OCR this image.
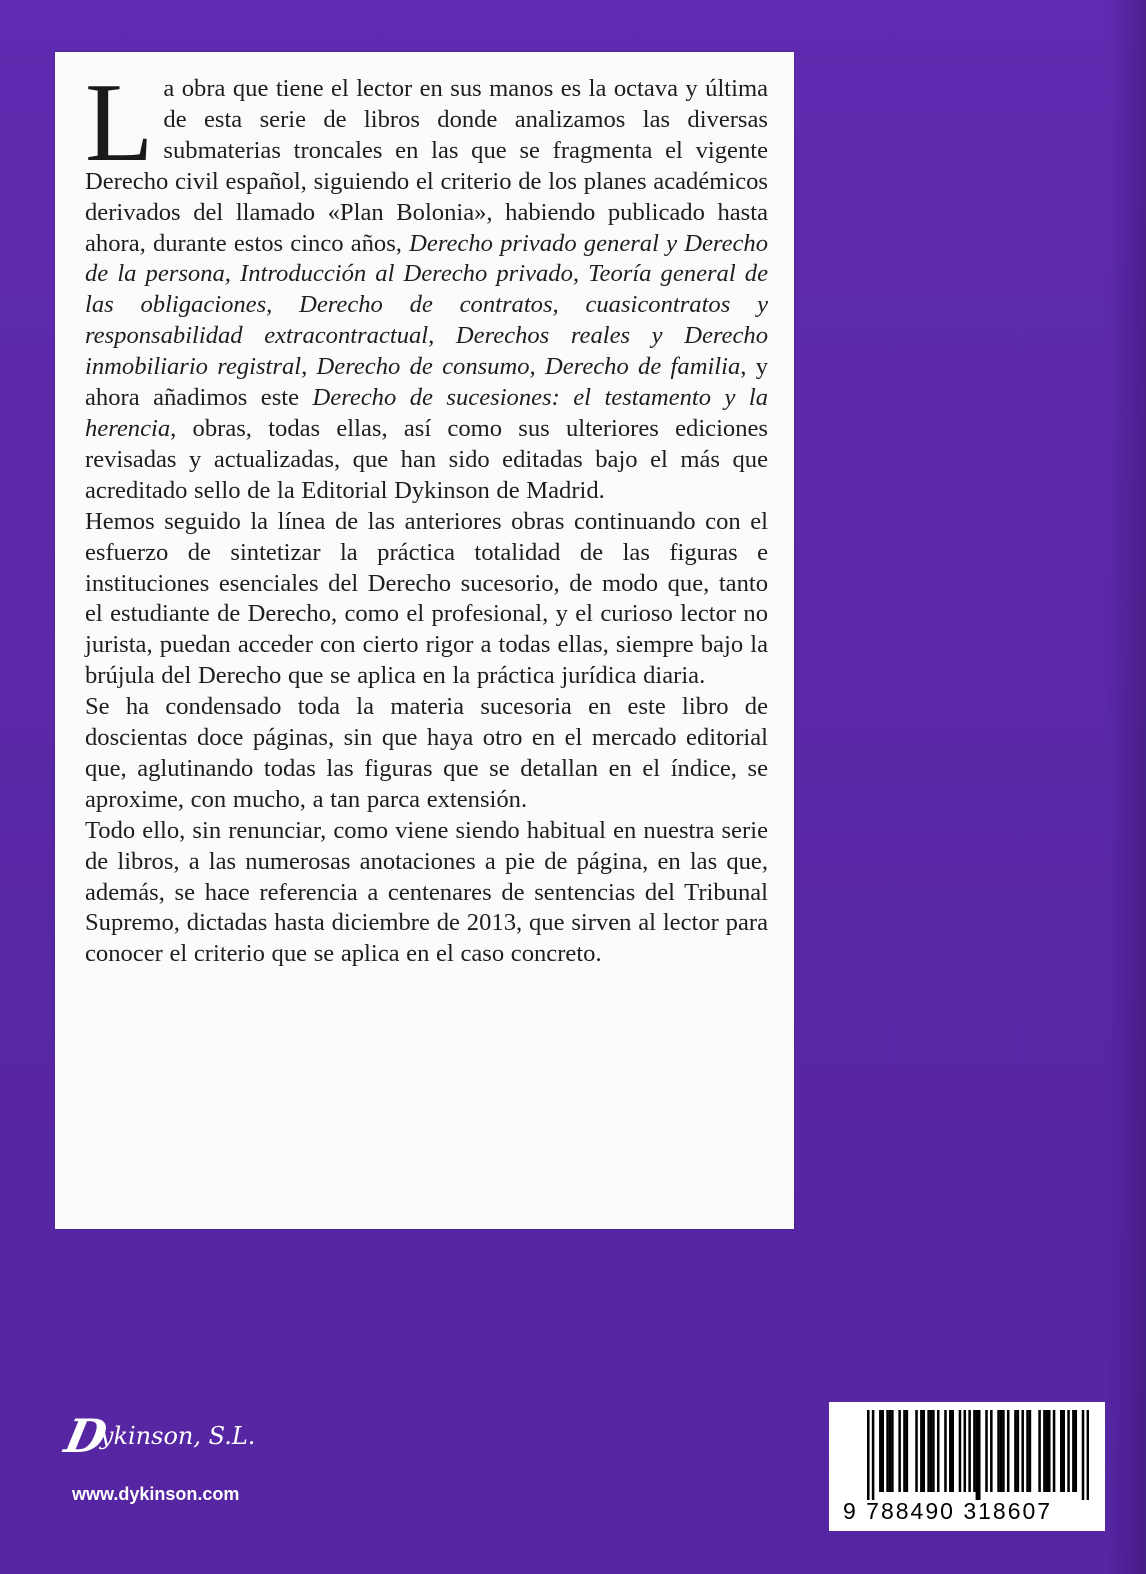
La obra que tiene el lector en sus manos es la octava y última de esta serie de libros donde analizamos las diversas submaterias troncales en las que se fragmenta el vigente Derecho civil español, siguiendo el criterio de los planes académicos derivados del llamado «Plan Bolonia», habiendo publicado hasta ahora, durante estos cinco años, Derecho privado general y Derecho de la persona, Introducción al Derecho privado, Teoría general de las obligaciones, Derecho de contratos, cuasicontratos y responsabilidad extracontractual, Derechos reales y Derecho inmobiliario registral, Derecho de consumo, Derecho de familia, y ahora añadimos este Derecho de sucesiones: el testamento y la herencia, obras, todas ellas, así como sus ulteriores ediciones revisadas y actualizadas, que han sido editadas bajo el más que acreditado sello de la Editorial Dykinson de Madrid.

Hemos seguido la línea de las anteriores obras continuando con el esfuerzo de sintetizar la práctica totalidad de las figuras e instituciones esenciales del Derecho sucesorio, de modo que, tanto el estudiante de Derecho, como el profesional, y el curioso lector no jurista, puedan acceder con cierto rigor a todas ellas, siempre bajo la brújula del Derecho que se aplica en la práctica jurídica diaria.

Se ha condensado toda la materia sucesoria en este libro de doscientas doce páginas, sin que haya otro en el mercado editorial que, aglutinando todas las figuras que se detallan en el índice, se aproxime, con mucho, a tan parca extensión.

Todo ello, sin renunciar, como viene siendo habitual en nuestra serie de libros, a las numerosas anotaciones a pie de página, en las que, además, se hace referencia a centenares de sentencias del Tribunal Supremo, dictadas hasta diciembre de 2013, que sirven al lector para conocer el criterio que se aplica en el caso concreto.

Dykinson, S.L.
www.dykinson.com
9 788490 318607
